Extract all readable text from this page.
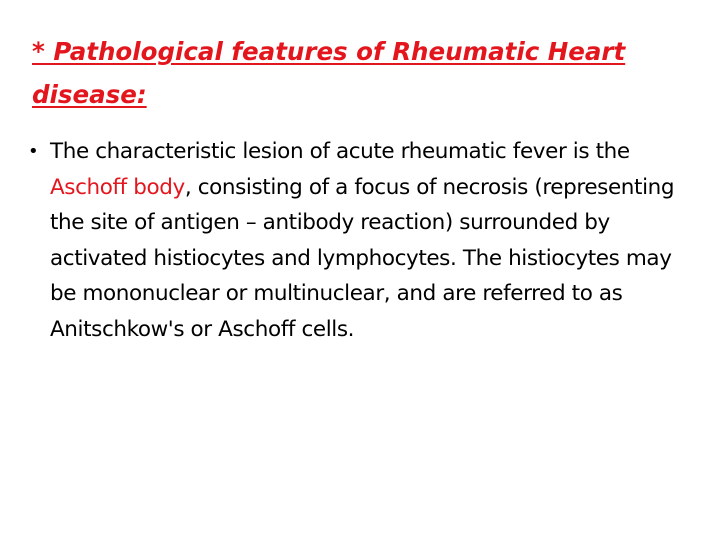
* Pathological features of Rheumatic Heart disease:
• The characteristic lesion of acute rheumatic fever is the Aschoff body, consisting of a focus of necrosis (representing the site of antigen – antibody reaction) surrounded by activated histiocytes and lymphocytes. The histiocytes may be mononuclear or multinuclear, and are referred to as Anitschkow's or Aschoff cells.
